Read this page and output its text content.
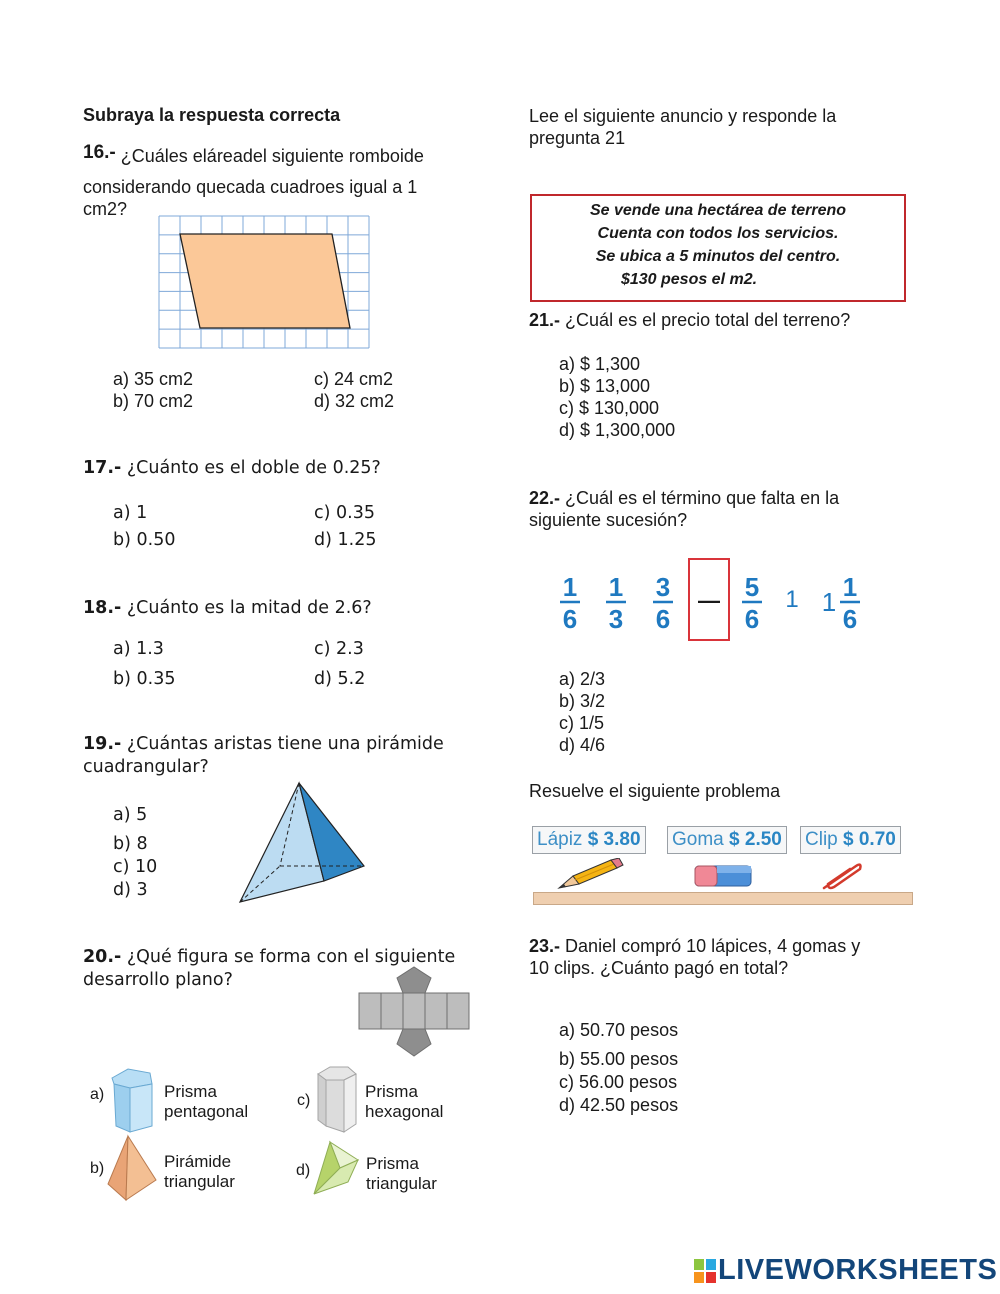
Subraya la respuesta correcta
16.- ¿Cuáles eláreadel siguiente romboide
considerando quecada cuadroes igual a 1
cm2?
a) 35 cm2
b) 70 cm2
c) 24 cm2
d) 32 cm2
17.- ¿Cuánto es el doble de 0.25?
a) 1
b) 0.50
c) 0.35
d) 1.25
18.- ¿Cuánto es la mitad de 2.6?
a) 1.3
b) 0.35
c) 2.3
d) 5.2
19.- ¿Cuántas aristas tiene una pirámide
cuadrangular?
a) 5
b) 8
c) 10
d) 3
20.- ¿Qué figura se forma con el siguiente
desarrollo plano?
a)	Prisma
pentagonal
b)	Pirámide
triangular
c)	Prisma
hexagonal
d)	Prisma
triangular
Lee el siguiente anuncio y responde la
pregunta 21
Se vende una hectárea de terreno
Cuenta con todos los servicios.
Se ubica a 5 minutos del centro.
$130 pesos el m2.
21.- ¿Cuál es el precio total del terreno?
a) $ 1,300
b) $ 13,000
c) $ 130,000
d) $ 1,300,000
22.- ¿Cuál es el término que falta en la
siguiente sucesión?
1
6
1
3
3
6
— 5
6
1 1 1
6
a) 2/3
b) 3/2
c) 1/5
d) 4/6
Resuelve el siguiente problema
Lápiz $ 3.80 Goma $ 2.50 Clip $ 0.70
23.- Daniel compró 10 lápices, 4 gomas y
10 clips. ¿Cuánto pagó en total?
a) 50.70 pesos
b) 55.00 pesos
c) 56.00 pesos
d) 42.50 pesos
LIVEWORKSHEETS
